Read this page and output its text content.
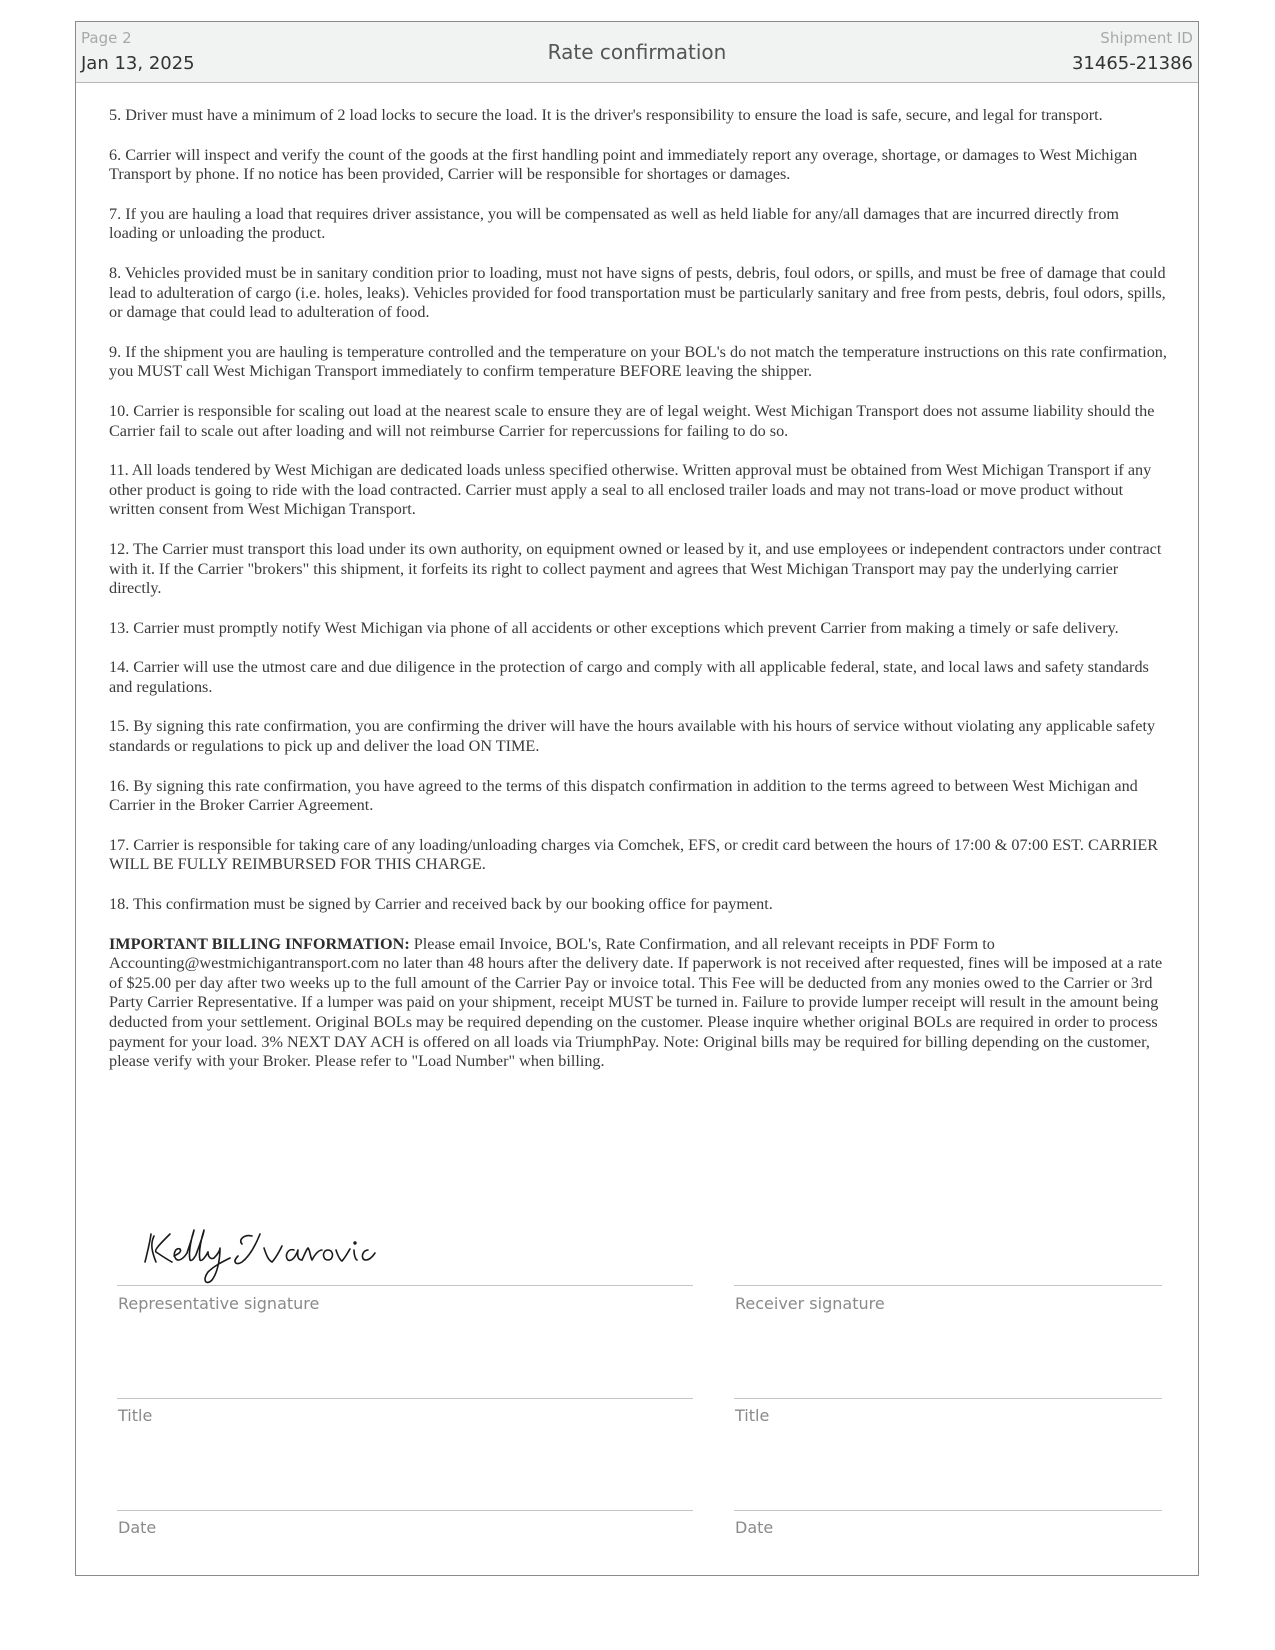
Page 2
Jan 13, 2025	Rate confirmation
Shipment ID
31465-21386

5. Driver must have a minimum of 2 load locks to secure the load. It is the driver's responsibility to ensure the load is safe, secure, and legal for transport.

6. Carrier will inspect and verify the count of the goods at the first handling point and immediately report any overage, shortage, or damages to West Michigan Transport by phone. If no notice has been provided, Carrier will be responsible for shortages or damages.

7. If you are hauling a load that requires driver assistance, you will be compensated as well as held liable for any/all damages that are incurred directly from loading or unloading the product.

8. Vehicles provided must be in sanitary condition prior to loading, must not have signs of pests, debris, foul odors, or spills, and must be free of damage that could lead to adulteration of cargo (i.e. holes, leaks). Vehicles provided for food transportation must be particularly sanitary and free from pests, debris, foul odors, spills, or damage that could lead to adulteration of food.

9. If the shipment you are hauling is temperature controlled and the temperature on your BOL's do not match the temperature instructions on this rate confirmation, you MUST call West Michigan Transport immediately to confirm temperature BEFORE leaving the shipper.

10. Carrier is responsible for scaling out load at the nearest scale to ensure they are of legal weight. West Michigan Transport does not assume liability should the Carrier fail to scale out after loading and will not reimburse Carrier for repercussions for failing to do so.

11. All loads tendered by West Michigan are dedicated loads unless specified otherwise. Written approval must be obtained from West Michigan Transport if any other product is going to ride with the load contracted. Carrier must apply a seal to all enclosed trailer loads and may not trans-load or move product without written consent from West Michigan Transport.

12. The Carrier must transport this load under its own authority, on equipment owned or leased by it, and use employees or independent contractors under contract with it. If the Carrier "brokers" this shipment, it forfeits its right to collect payment and agrees that West Michigan Transport may pay the underlying carrier directly.

13. Carrier must promptly notify West Michigan via phone of all accidents or other exceptions which prevent Carrier from making a timely or safe delivery.

14. Carrier will use the utmost care and due diligence in the protection of cargo and comply with all applicable federal, state, and local laws and safety standards and regulations.

15. By signing this rate confirmation, you are confirming the driver will have the hours available with his hours of service without violating any applicable safety standards or regulations to pick up and deliver the load ON TIME.

16. By signing this rate confirmation, you have agreed to the terms of this dispatch confirmation in addition to the terms agreed to between West Michigan and Carrier in the Broker Carrier Agreement.

17. Carrier is responsible for taking care of any loading/unloading charges via Comchek, EFS, or credit card between the hours of 17:00 & 07:00 EST. CARRIER WILL BE FULLY REIMBURSED FOR THIS CHARGE.

18. This confirmation must be signed by Carrier and received back by our booking office for payment.

IMPORTANT BILLING INFORMATION: Please email Invoice, BOL's, Rate Confirmation, and all relevant receipts in PDF Form to Accounting@westmichigantransport.com no later than 48 hours after the delivery date. If paperwork is not received after requested, fines will be imposed at a rate of $25.00 per day after two weeks up to the full amount of the Carrier Pay or invoice total. This Fee will be deducted from any monies owed to the Carrier or 3rd Party Carrier Representative. If a lumper was paid on your shipment, receipt MUST be turned in. Failure to provide lumper receipt will result in the amount being deducted from your settlement. Original BOLs may be required depending on the customer. Please inquire whether original BOLs are required in order to process payment for your load. 3% NEXT DAY ACH is offered on all loads via TriumphPay. Note: Original bills may be required for billing depending on the customer, please verify with your Broker. Please refer to "Load Number" when billing.

Representative signature	Receiver signature
Title	Title
Date	Date
